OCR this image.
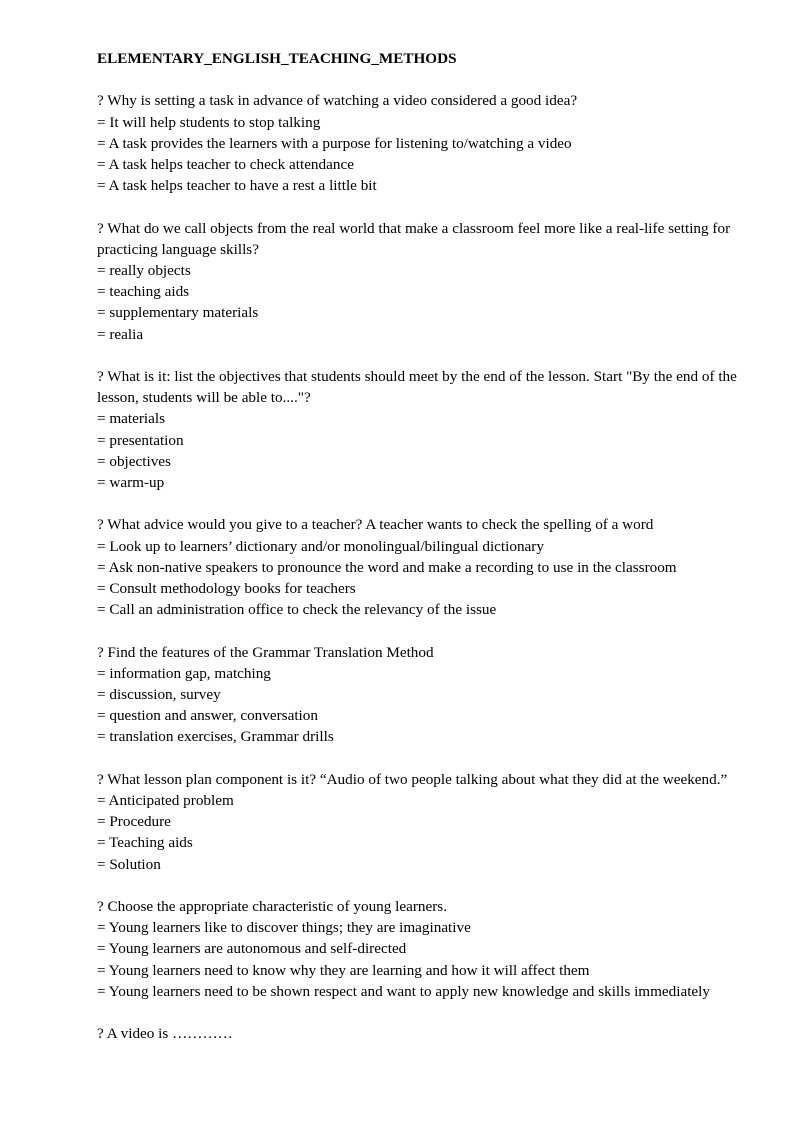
ELEMENTARY_ENGLISH_TEACHING_METHODS
? Why is setting a task in advance of watching a video considered a good idea?
= It will help students to stop talking
= A task provides the learners with a purpose for listening to/watching a video
= A task helps teacher to check attendance
= A task helps teacher to have a rest a little bit
? What do we call objects from the real world that make a classroom feel more like a real-life setting for practicing language skills?
= really objects
= teaching aids
= supplementary materials
= realia
? What is it: list the objectives that students should meet by the end of the lesson. Start "By the end of the lesson, students will be able to...."?
= materials
= presentation
= objectives
= warm-up
? What advice would you give to a teacher? A teacher wants to check the spelling of a word
= Look up to learners’ dictionary and/or monolingual/bilingual dictionary
= Ask non-native speakers to pronounce the word and make a recording to use in the classroom
= Consult methodology books for teachers
= Call an administration office to check the relevancy of the issue
? Find the features of the Grammar Translation Method
= information gap, matching
= discussion, survey
= question and answer, conversation
= translation exercises, Grammar drills
? What lesson plan component is it? “Audio of two people talking about what they did at the weekend.”
= Anticipated problem
= Procedure
= Teaching aids
= Solution
? Choose the appropriate characteristic of young learners.
= Young learners like to discover things; they are imaginative
= Young learners are autonomous and self-directed
= Young learners need to know why they are learning and how it will affect them
= Young learners need to be shown respect and want to apply new knowledge and skills immediately
? A video is …………
